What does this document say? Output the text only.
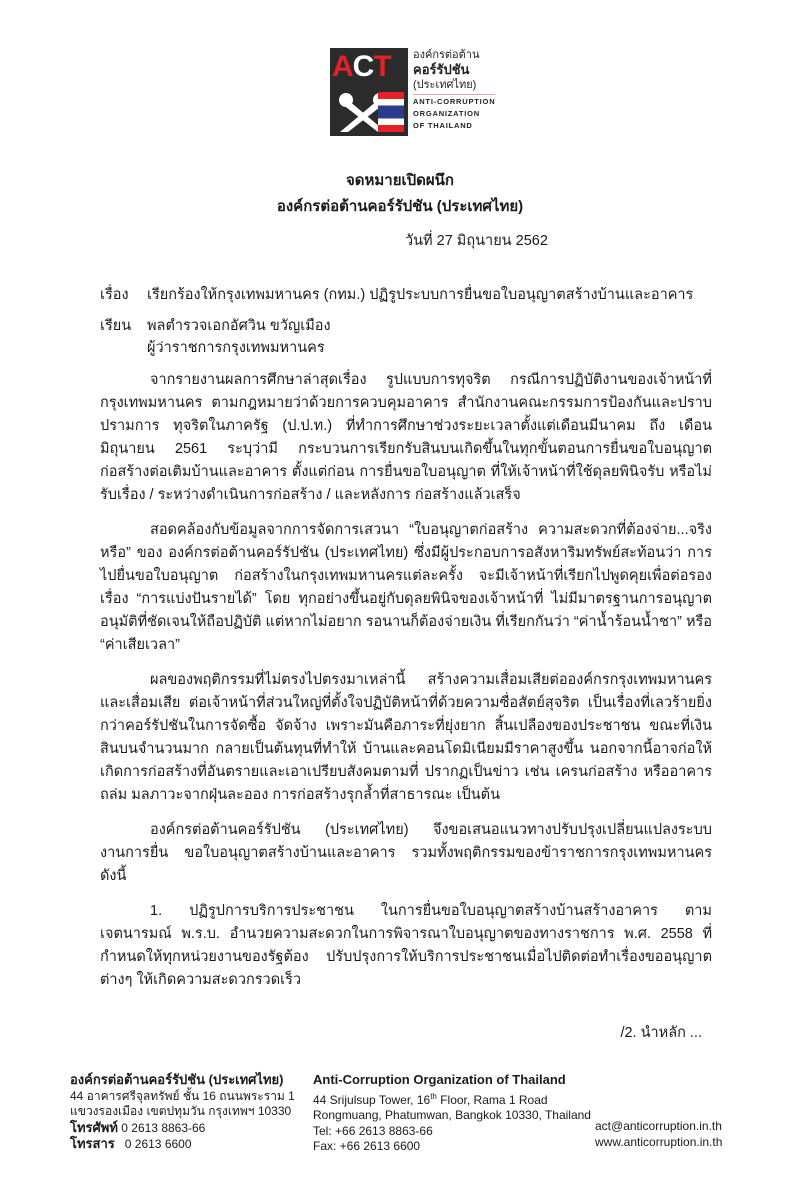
ACT องค์กรต่อต้าน
คอร์รัปชัน
(ประเทศไทย)
ANTI-CORRUPTION
ORGANIZATION
OF THAILAND
จดหมายเปิดผนึก
องค์กรต่อต้านคอร์รัปชัน (ประเทศไทย)
วันที่ 27 มิถุนายน 2562
เรื่อง	เรียกร้องให้กรุงเทพมหานคร (กทม.) ปฏิรูประบบการยื่นขอใบอนุญาตสร้างบ้านและอาคาร
เรียน	พลตำรวจเอกอัศวิน ขวัญเมือง
ผู้ว่าราชการกรุงเทพมหานคร
จากรายงานผลการศึกษาล่าสุดเรื่อง รูปแบบการทุจริต กรณีการปฏิบัติงานของเจ้าหน้าที่ กรุงเทพมหานคร ตามกฎหมายว่าด้วยการควบคุมอาคาร สำนักงานคณะกรรมการป้องกันและปราบปรามการ ทุจริตในภาครัฐ (ป.ป.ท.) ที่ทำการศึกษาช่วงระยะเวลาตั้งแต่เดือนมีนาคม ถึง เดือนมิถุนายน 2561 ระบุว่ามี กระบวนการเรียกรับสินบนเกิดขึ้นในทุกขั้นตอนการยื่นขอใบอนุญาตก่อสร้างต่อเติมบ้านและอาคาร ตั้งแต่ก่อน การยื่นขอใบอนุญาต ที่ให้เจ้าหน้าที่ใช้ดุลยพินิจรับ หรือไม่รับเรื่อง / ระหว่างดำเนินการก่อสร้าง / และหลังการ ก่อสร้างแล้วเสร็จ
สอดคล้องกับข้อมูลจากการจัดการเสวนา “ใบอนุญาตก่อสร้าง ความสะดวกที่ต้องจ่าย...จริงหรือ” ของ องค์กรต่อต้านคอร์รัปชัน (ประเทศไทย) ซึ่งมีผู้ประกอบการอสังหาริมทรัพย์สะท้อนว่า การไปยื่นขอใบอนุญาต ก่อสร้างในกรุงเทพมหานครแต่ละครั้ง จะมีเจ้าหน้าที่เรียกไปพูดคุยเพื่อต่อรองเรื่อง “การแบ่งปันรายได้” โดย ทุกอย่างขึ้นอยู่กับดุลยพินิจของเจ้าหน้าที่ ไม่มีมาตรฐานการอนุญาตอนุมัติที่ชัดเจนให้ถือปฏิบัติ แต่หากไม่อยาก รอนานก็ต้องจ่ายเงิน ที่เรียกกันว่า “ค่าน้ำร้อนน้ำชา” หรือ “ค่าเสียเวลา”
ผลของพฤติกรรมที่ไม่ตรงไปตรงมาเหล่านี้ สร้างความเสื่อมเสียต่อองค์กรกรุงเทพมหานคร และเสื่อมเสีย ต่อเจ้าหน้าที่ส่วนใหญ่ที่ตั้งใจปฏิบัติหน้าที่ด้วยความซื่อสัตย์สุจริต เป็นเรื่องที่เลวร้ายยิ่งกว่าคอร์รัปชันในการจัดซื้อ จัดจ้าง เพราะมันคือภาระที่ยุ่งยาก สิ้นเปลืองของประชาชน ขณะที่เงินสินบนจำนวนมาก กลายเป็นต้นทุนที่ทำให้ บ้านและคอนโดมิเนียมมีราคาสูงขึ้น นอกจากนี้อาจก่อให้เกิดการก่อสร้างที่อันตรายและเอาเปรียบสังคมตามที่ ปรากฏเป็นข่าว เช่น เครนก่อสร้าง หรืออาคารถล่ม มลภาวะจากฝุ่นละออง การก่อสร้างรุกล้ำที่สาธารณะ เป็นต้น
องค์กรต่อต้านคอร์รัปชัน (ประเทศไทย) จึงขอเสนอแนวทางปรับปรุงเปลี่ยนแปลงระบบงานการยื่น ขอใบอนุญาตสร้างบ้านและอาคาร รวมทั้งพฤติกรรมของข้าราชการกรุงเทพมหานคร ดังนี้
1. ปฏิรูปการบริการประชาชน ในการยื่นขอใบอนุญาตสร้างบ้านสร้างอาคาร ตามเจตนารมณ์ พ.ร.บ. อำนวยความสะดวกในการพิจารณาใบอนุญาตของทางราชการ พ.ศ. 2558 ที่กำหนดให้ทุกหน่วยงานของรัฐต้อง ปรับปรุงการให้บริการประชาชนเมื่อไปติดต่อทำเรื่องขออนุญาตต่างๆ ให้เกิดความสะดวกรวดเร็ว
/2. นำหลัก ...
องค์กรต่อต้านคอร์รัปชัน (ประเทศไทย)
44 อาคารศรีจุลทรัพย์ ชั้น 16 ถนนพระราม 1
แขวงรองเมือง เขตปทุมวัน กรุงเทพฯ 10330
โทรศัพท์ 0 2613 8863-66
โทรสาร 0 2613 6600
Anti-Corruption Organization of Thailand
44 Srijulsup Tower, 16th Floor, Rama 1 Road
Rongmuang, Phatumwan, Bangkok 10330, Thailand
Tel: +66 2613 8863-66
Fax: +66 2613 6600
act@anticorruption.in.th
www.anticorruption.in.th
